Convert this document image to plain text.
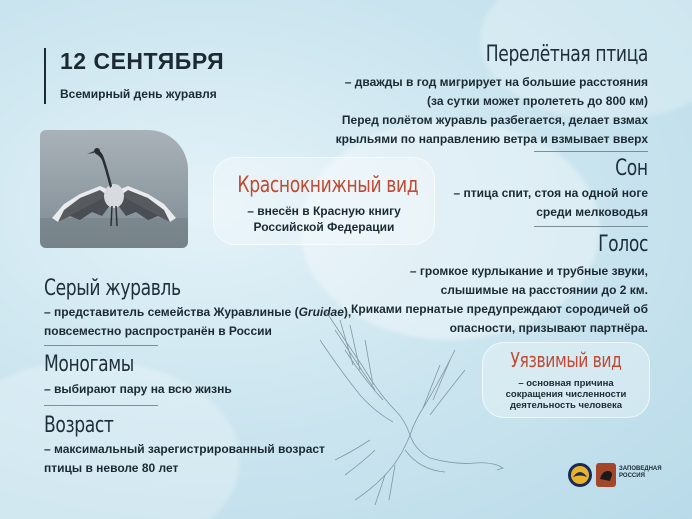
12 СЕНТЯБРЯ
Всемирный день журавля
Краснокнижный вид
– внесён в Красную книгу
Российской Федерации
Серый журавль
– представитель семейства Журавлиные (Gruidae),
повсеместно распространён в России
Моногамы
– выбирают пару на всю жизнь
Возраст
– максимальный зарегистрированный возраст
птицы в неволе 80 лет
Перелётная птица
– дважды в год мигрирует на большие расстояния
(за сутки может пролететь до 800 км)
Перед полётом журавль разбегается, делает взмах
крыльями по направлению ветра и взмывает вверх
Сон
– птица спит, стоя на одной ноге
среди мелководья
Голос
– громкое курлыкание и трубные звуки,
слышимые на расстоянии до 2 км.
Криками пернатые предупреждают сородичей об
опасности, призывают партнёра.
Уязвимый вид
– основная причина
сокращения численности
деятельность человека
ЗАПОВЕДНАЯ
РОССИЯ
